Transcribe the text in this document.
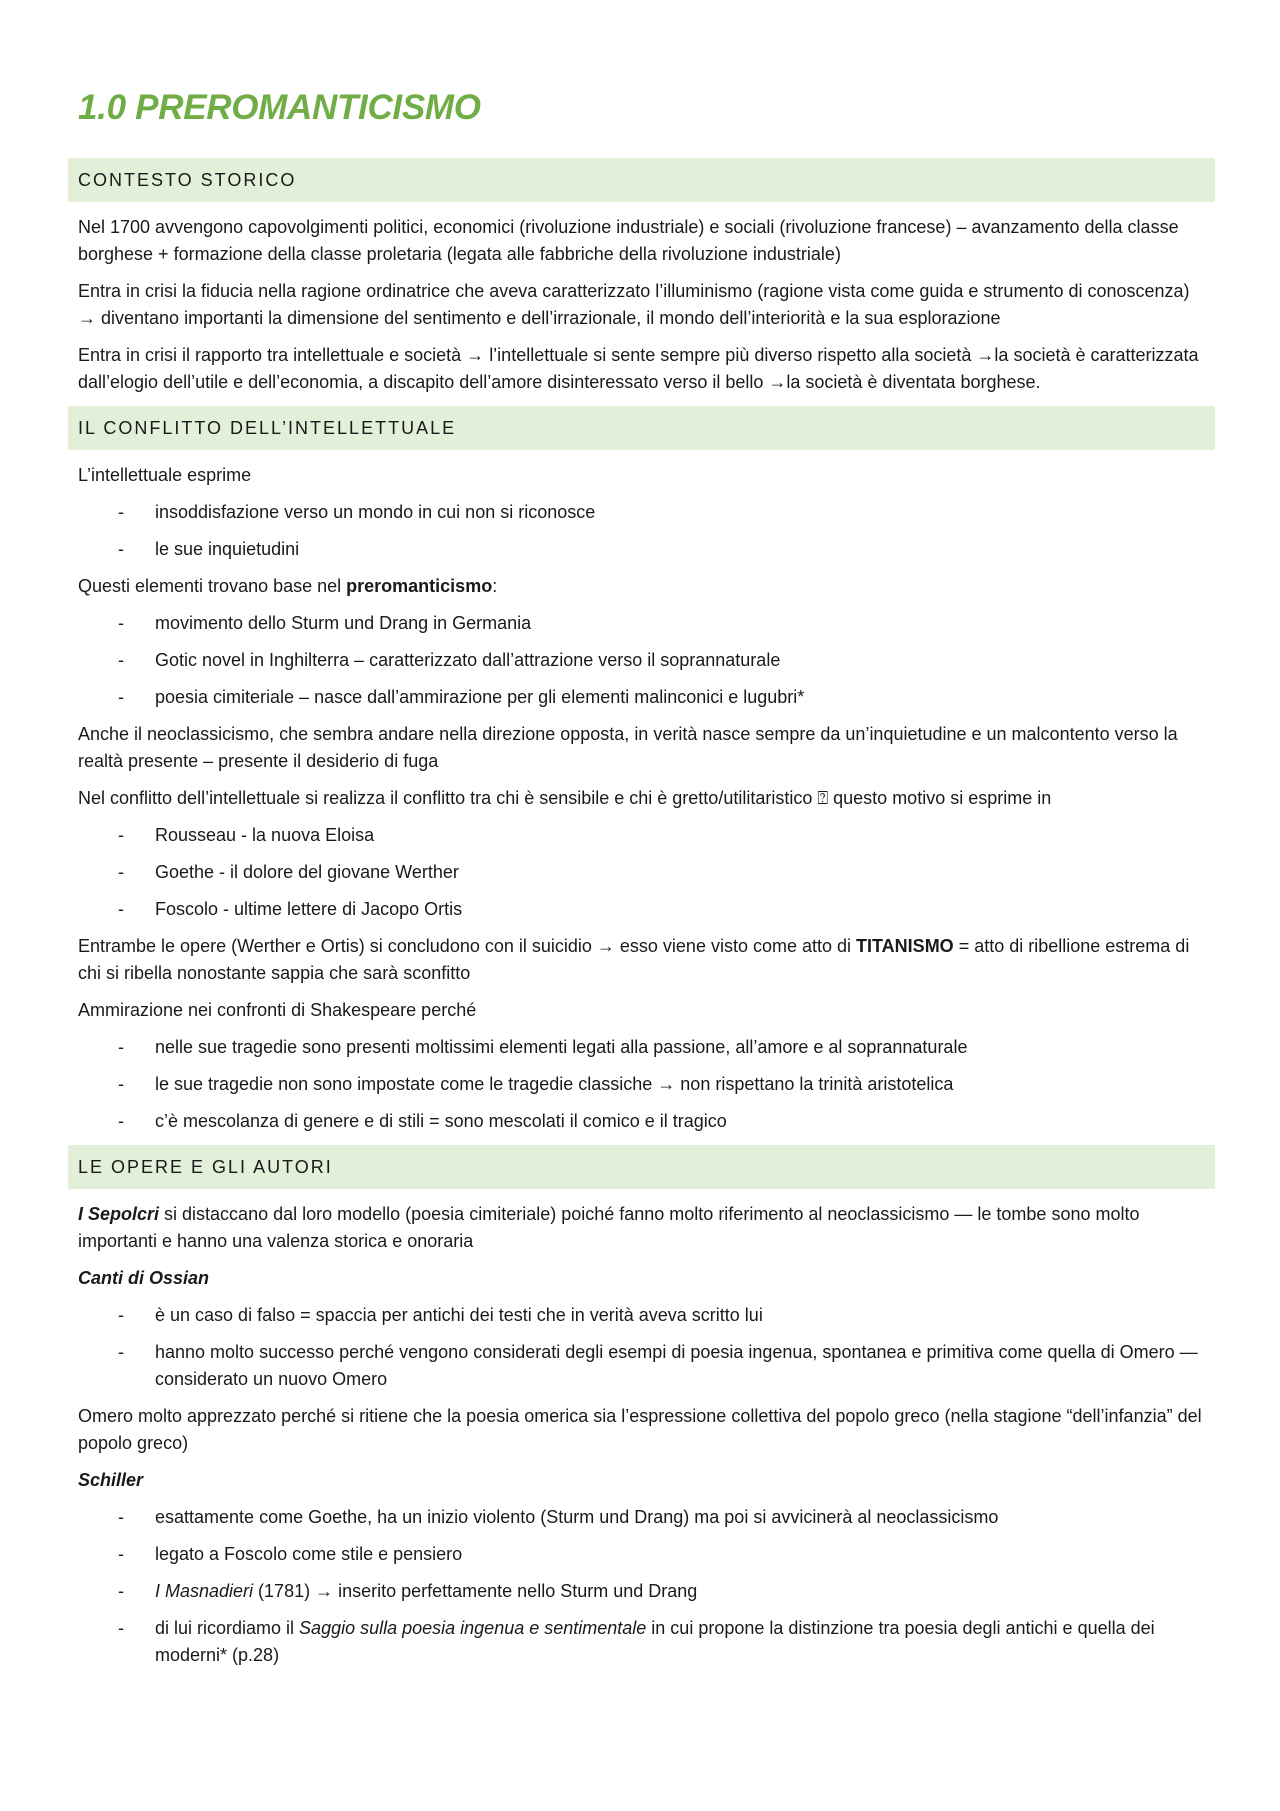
1.0 PREROMANTICISMO
CONTESTO STORICO

Nel 1700 avvengono capovolgimenti politici, economici (rivoluzione industriale) e sociali (rivoluzione francese) – avanzamento della classe borghese + formazione della classe proletaria (legata alle fabbriche della rivoluzione industriale)

Entra in crisi la fiducia nella ragione ordinatrice che aveva caratterizzato l’illuminismo (ragione vista come guida e strumento di conoscenza) → diventano importanti la dimensione del sentimento e dell’irrazionale, il mondo dell’interiorità e la sua esplorazione

Entra in crisi il rapporto tra intellettuale e società → l’intellettuale si sente sempre più diverso rispetto alla società →la società è caratterizzata dall’elogio dell’utile e dell’economia, a discapito dell’amore disinteressato verso il bello →la società è diventata borghese.

IL CONFLITTO DELL’INTELLETTUALE

L’intellettuale esprime

- insoddisfazione verso un mondo in cui non si riconosce
- le sue inquietudini

Questi elementi trovano base nel preromanticismo:

- movimento dello Sturm und Drang in Germania
- Gotic novel in Inghilterra – caratterizzato dall’attrazione verso il soprannaturale
- poesia cimiteriale – nasce dall’ammirazione per gli elementi malinconici e lugubri*

Anche il neoclassicismo, che sembra andare nella direzione opposta, in verità nasce sempre da un’inquietudine e un malcontento verso la realtà presente – presente il desiderio di fuga

Nel conflitto dell’intellettuale si realizza il conflitto tra chi è sensibile e chi è gretto/utilitaristico ⍰ questo motivo si esprime in

- Rousseau - la nuova Eloisa
- Goethe - il dolore del giovane Werther
- Foscolo - ultime lettere di Jacopo Ortis

Entrambe le opere (Werther e Ortis) si concludono con il suicidio → esso viene visto come atto di TITANISMO = atto di ribellione estrema di chi si ribella nonostante sappia che sarà sconfitto

Ammirazione nei confronti di Shakespeare perché

- nelle sue tragedie sono presenti moltissimi elementi legati alla passione, all’amore e al soprannaturale
- le sue tragedie non sono impostate come le tragedie classiche → non rispettano la trinità aristotelica
- c’è mescolanza di genere e di stili = sono mescolati il comico e il tragico
LE OPERE E GLI AUTORI

I Sepolcri si distaccano dal loro modello (poesia cimiteriale) poiché fanno molto riferimento al neoclassicismo — le tombe sono molto importanti e hanno una valenza storica e onoraria

Canti di Ossian

- è un caso di falso = spaccia per antichi dei testi che in verità aveva scritto lui
- hanno molto successo perché vengono considerati degli esempi di poesia ingenua, spontanea e primitiva come quella di Omero — considerato un nuovo Omero

Omero molto apprezzato perché si ritiene che la poesia omerica sia l’espressione collettiva del popolo greco (nella stagione “dell’infanzia” del popolo greco)

Schiller

- esattamente come Goethe, ha un inizio violento (Sturm und Drang) ma poi si avvicinerà al neoclassicismo
- legato a Foscolo come stile e pensiero
- I Masnadieri (1781) → inserito perfettamente nello Sturm und Drang
- di lui ricordiamo il Saggio sulla poesia ingenua e sentimentale in cui propone la distinzione tra poesia degli antichi e quella dei moderni* (p.28)
